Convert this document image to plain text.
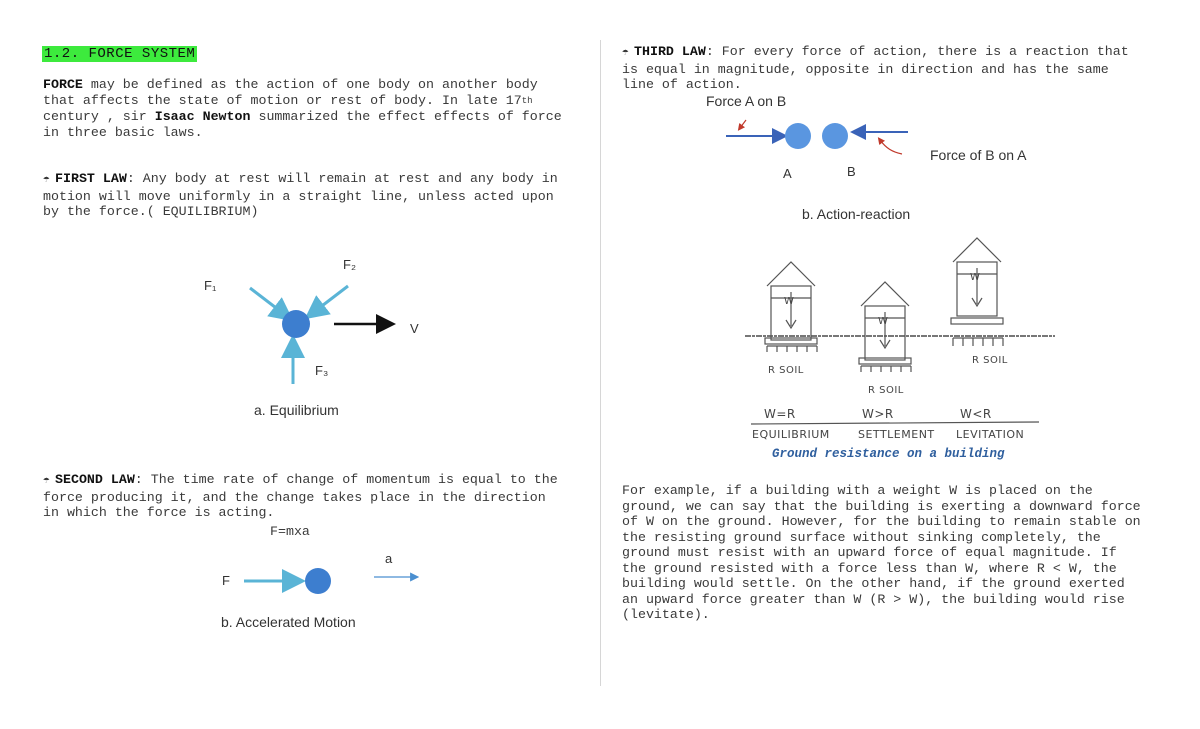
1.2. FORCE SYSTEM
FORCE may be defined as the action of one body on another body
that affects the state of motion or rest of body. In late 17th
century , sir Isaac Newton summarized the effect effects of force
in three basic laws.
☂ FIRST LAW: Any body at rest will remain at rest and any body in
motion will move uniformly in a straight line, unless acted upon
by the force.( EQUILIBRIUM)
F₁
F₂
F₃
V
a. Equilibrium
☂ SECOND LAW: The time rate of change of momentum is equal to the
force producing it, and the change takes place in the direction
in which the force is acting.
F=mxa
F
a
b. Accelerated Motion
☂ THIRD LAW: For every force of action, there is a reaction that
is equal in magnitude, opposite in direction and has the same
line of action.
Force A on B
Force of B on A
A	B
b. Action-reaction
W
W
W
R SOIL
R SOIL
R SOIL
W=R	W>R	W<R
EQUILIBRIUM	SETTLEMENT LEVITATION
Ground resistance on a building
For example, if a building with a weight W is placed on the
ground, we can say that the building is exerting a downward force
of W on the ground. However, for the building to remain stable on
the resisting ground surface without sinking completely, the
ground must resist with an upward force of equal magnitude. If
the ground resisted with a force less than W, where R < W, the
building would settle. On the other hand, if the ground exerted
an upward force greater than W (R > W), the building would rise
(levitate).
